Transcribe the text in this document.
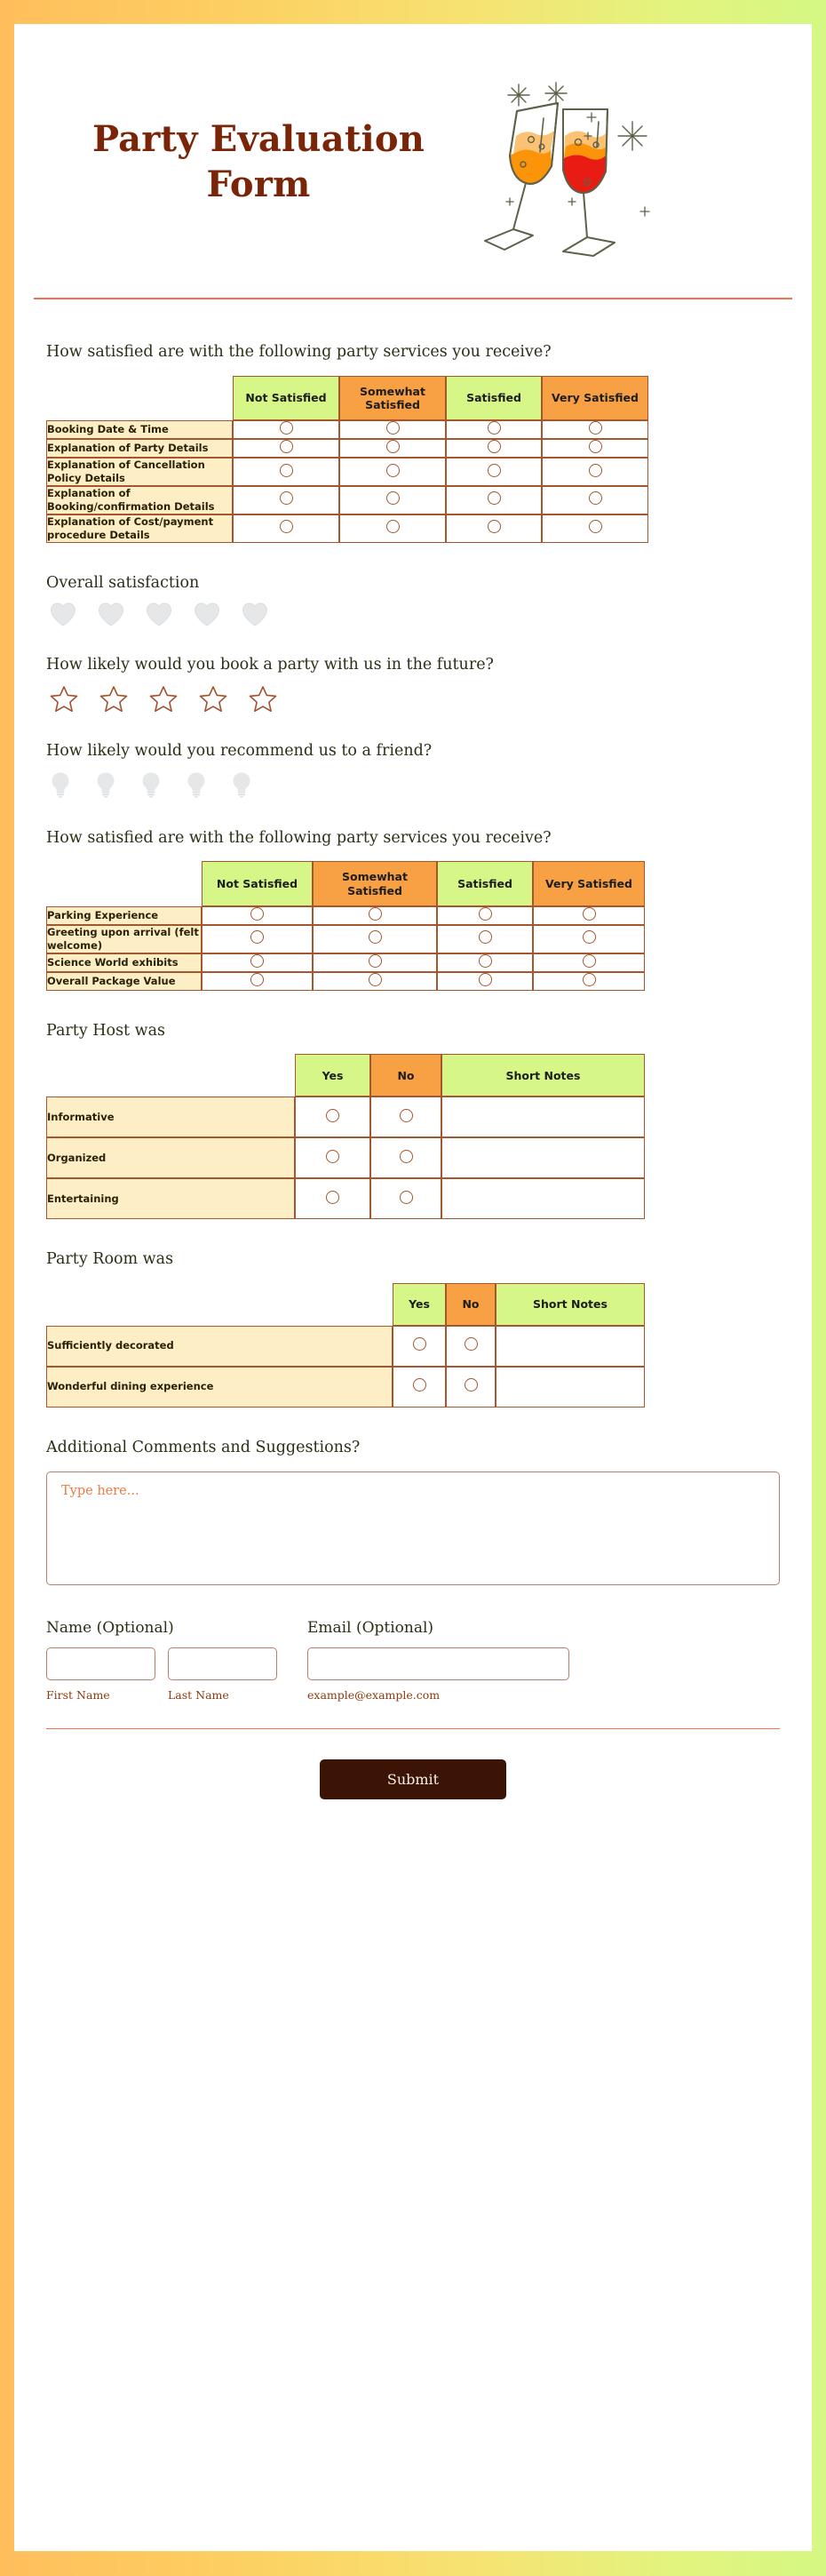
Party Evaluation Form
How satisfied are with the following party services you receive?
	Not Satisfied	Somewhat Satisfied	Satisfied	Very Satisfied
Booking Date & Time				
Explanation of Party Details				
Explanation of Cancellation Policy Details				
Explanation of Booking/confirmation Details				
Explanation of Cost/payment procedure Details				
Overall satisfaction
How likely would you book a party with us in the future?
How likely would you recommend us to a friend?
How satisfied are with the following party services you receive?
	Not Satisfied	Somewhat Satisfied	Satisfied	Very Satisfied
Parking Experience				
Greeting upon arrival (felt welcome)				
Science World exhibits				
Overall Package Value				
Party Host was
	Yes	No	Short Notes
Informative			
Organized			
Entertaining			
Party Room was
	Yes	No	Short Notes
Sufficiently decorated			
Wonderful dining experience			
Additional Comments and Suggestions?
Type here...
Name (Optional)
First Name	Last Name
Email (Optional)
example@example.com
Submit
